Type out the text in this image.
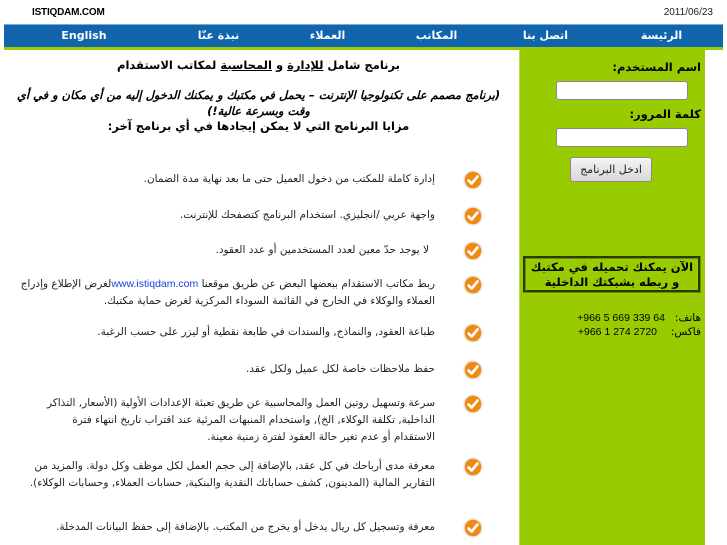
ISTIQDAM.COM	2011/06/23
الرئيسة
اتصل بنا
المكاتب
العملاء
نبذة عنّا
English
برنامج شامل للإدارة و المحاسبة لمكاتب الاستقدام
(برنامج مصمم على تكنولوجيا الإنترنت – يحمل في مكتبك و يمكنك الدخول إليه من أي مكان و في أي وقت وبسرعة عالية!)
مزايا البرنامج التي لا يمكن إيجادها في أي برنامج آخر:
إدارة كاملة للمكتب من دخول العميل حتى ما بعد نهاية مدة الضمان.
واجهة عربي /انجليزي. استخدام البرنامج كتصفحك للإنترنت.
لا يوجد حدّ معين لعدد المستخدمين أو عدد العقود.
ربط مكاتب الاستقدام ببعضها البعض عن طريق موقعنا www.istiqdam.comلغرض الإطلاع وإدراج العملاء والوكلاء في الخارج في القائمة السوداء المركزية لغرض حماية مكتبك.
طباعة العقود, والنماذج, والسندات في طابعة نقطية أو ليزر على حسب الرغبة.
حفظ ملاحظات خاصة لكل عميل ولكل عقد.
سرعة وتسهيل روتين العمل والمحاسبية عن طريق تعبئة الإعدادات الأولية (الأسعار, التذاكر الداخلية, تكلفة الوكلاء, الخ), واستخدام المنبهات المرئية عند اقتراب تاريخ انتهاء فترة الاستقدام أو عدم تغير حالة العقود لفترة زمنية معينة.
معرفة مدى أرباحك في كل عقد, بالإضافة إلى حجم العمل لكل موظف وكل دولة. والمزيد من التقارير المالية (المدينون, كشف حساباتك النقدية والبنكية, حسابات العملاء, وحسابات الوكلاء).
معرفة وتسجيل كل ريال يدخل أو يخرج من المكتب. بالإضافة إلى حفظ البيانات المدخلة.
اسم المستخدم:
كلمة المرور:
ادخل البرنامج
الآن يمكنك تحميله في مكتبك و ربطه بشبكتك الداخلية
هاتف:
+966 5 669 339 64
فاكس:
+966 1 274 2720
